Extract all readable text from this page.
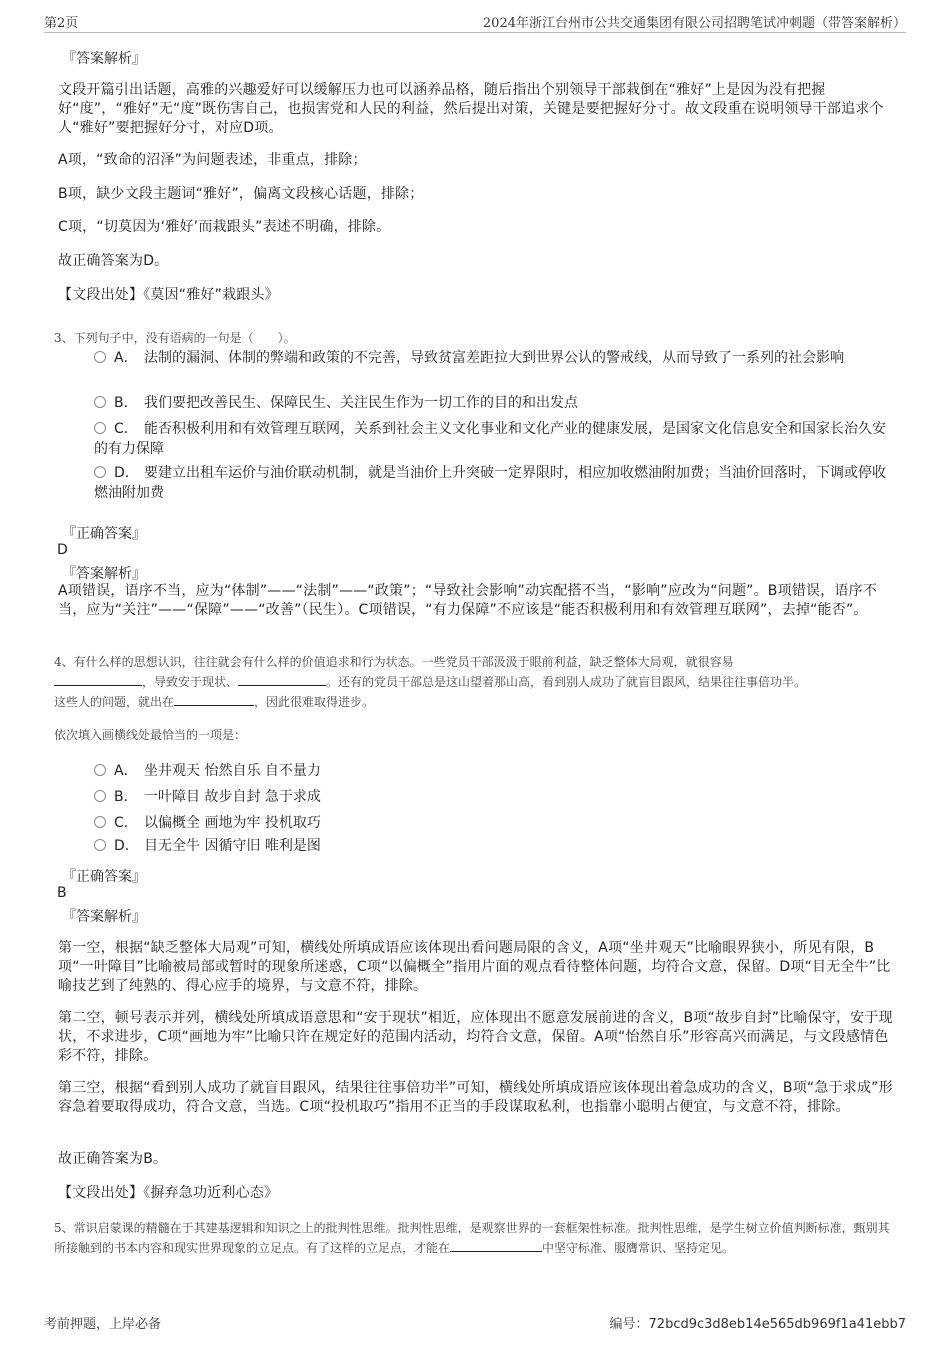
第2页	2024年浙江台州市公共交通集团有限公司招聘笔试冲刺题（带答案解析）
『答案解析』
文段开篇引出话题，高雅的兴趣爱好可以缓解压力也可以涵养品格，随后指出个别领导干部栽倒在“雅好”上是因为没有把握好“度”，“雅好”无“度”既伤害自己，也损害党和人民的利益，然后提出对策，关键是要把握好分寸。故文段重在说明领导干部追求个人“雅好”要把握好分寸，对应D项。
A项，“致命的沼泽”为问题表述，非重点，排除；
B项，缺少文段主题词“雅好”，偏离文段核心话题，排除；
C项，“切莫因为‘雅好’而栽跟头”表述不明确，排除。
故正确答案为D。
【文段出处】《莫因“雅好”栽跟头》
3、下列句子中，没有语病的一句是（　　）。
A． 法制的漏洞、体制的弊端和政策的不完善，导致贫富差距拉大到世界公认的警戒线，从而导致了一系列的社会影响
B． 我们要把改善民生、保障民生、关注民生作为一切工作的目的和出发点
C． 能否积极利用和有效管理互联网，关系到社会主义文化事业和文化产业的健康发展，是国家文化信息安全和国家长治久安的有力保障
D． 要建立出租车运价与油价联动机制，就是当油价上升突破一定界限时，相应加收燃油附加费；当油价回落时，下调或停收燃油附加费
『正确答案』
D
『答案解析』
A项错误，语序不当，应为“体制”——“法制”——“政策”；“导致社会影响”动宾配搭不当，“影响”应改为“问题”。B项错误，语序不当，应为“关注”——“保障”——“改善”（民生）。C项错误，“有力保障”不应该是“能否积极利用和有效管理互联网”，去掉“能否”。
4、有什么样的思想认识，往往就会有什么样的价值追求和行为状态。一些党员干部汲汲于眼前利益，缺乏整体大局观，就很容易
，导致安于现状、	。还有的党员干部总是这山望着那山高，看到别人成功了就盲目跟风，结果往往事倍功半。
这些人的问题，就出在	，因此很难取得进步。
依次填入画横线处最恰当的一项是：
A． 坐井观天 怡然自乐 自不量力
B． 一叶障目 故步自封 急于求成
C． 以偏概全 画地为牢 投机取巧
D． 目无全牛 因循守旧 唯利是图
『正确答案』
B
『答案解析』
第一空，根据“缺乏整体大局观”可知，横线处所填成语应该体现出看问题局限的含义，A项“坐井观天”比喻眼界狭小，所见有限，B项“一叶障目”比喻被局部或暂时的现象所迷惑，C项“以偏概全”指用片面的观点看待整体问题，均符合文意，保留。D项“目无全牛”比喻技艺到了纯熟的、得心应手的境界，与文意不符，排除。
第二空，顿号表示并列，横线处所填成语意思和“安于现状”相近，应体现出不愿意发展前进的含义，B项“故步自封”比喻保守，安于现状，不求进步，C项“画地为牢”比喻只许在规定好的范围内活动，均符合文意，保留。A项“怡然自乐”形容高兴而满足，与文段感情色彩不符，排除。
第三空，根据“看到别人成功了就盲目跟风，结果往往事倍功半”可知，横线处所填成语应该体现出着急成功的含义，B项“急于求成”形容急着要取得成功，符合文意，当选。C项“投机取巧”指用不正当的手段谋取私利，也指靠小聪明占便宜，与文意不符，排除。
故正确答案为B。
【文段出处】《摒弃急功近利心态》
5、常识启蒙课的精髓在于其建基逻辑和知识之上的批判性思维。批判性思维，是观察世界的一套框架性标准。批判性思维，是学生树立价值判断标准，甄别其所接触到的书本内容和现实世界现象的立足点。有了这样的立足点，才能在	中坚守标准、服膺常识、坚持定见。
考前押题，上岸必备	编号：72bcd9c3d8eb14e565db969f1a41ebb7
